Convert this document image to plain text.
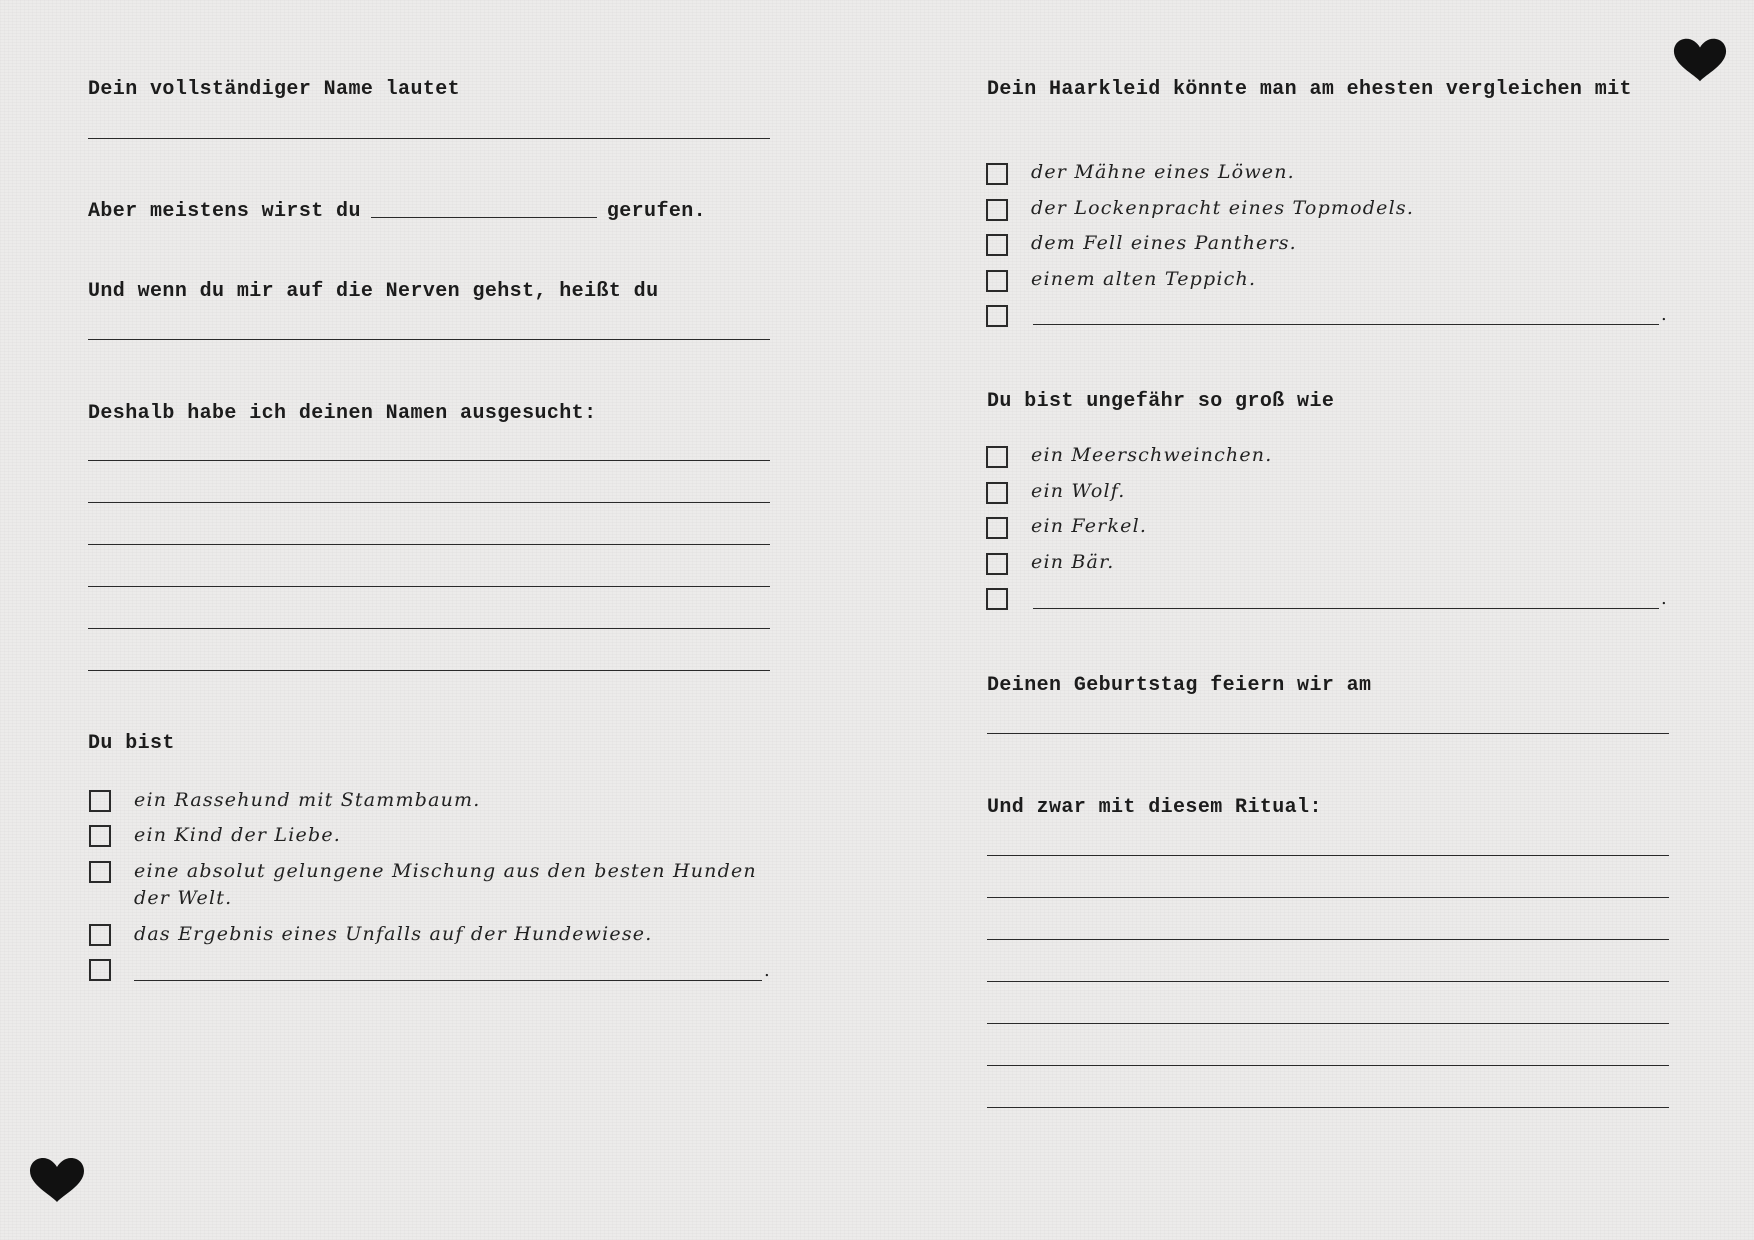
Dein vollständiger Name lautet
Aber meistens wirst du	gerufen.
Und wenn du mir auf die Nerven gehst, heißt du
Deshalb habe ich deinen Namen ausgesucht:
Du bist
ein Rassehund mit Stammbaum.
ein Kind der Liebe.
eine absolut gelungene Mischung aus den besten Hunden der Welt.
das Ergebnis eines Unfalls auf der Hundewiese.
.
Dein Haarkleid könnte man am ehesten vergleichen mit
der Mähne eines Löwen.
der Lockenpracht eines Topmodels.
dem Fell eines Panthers.
einem alten Teppich.
.
Du bist ungefähr so groß wie
ein Meerschweinchen.
ein Wolf.
ein Ferkel.
ein Bär.
.
Deinen Geburtstag feiern wir am
Und zwar mit diesem Ritual:
